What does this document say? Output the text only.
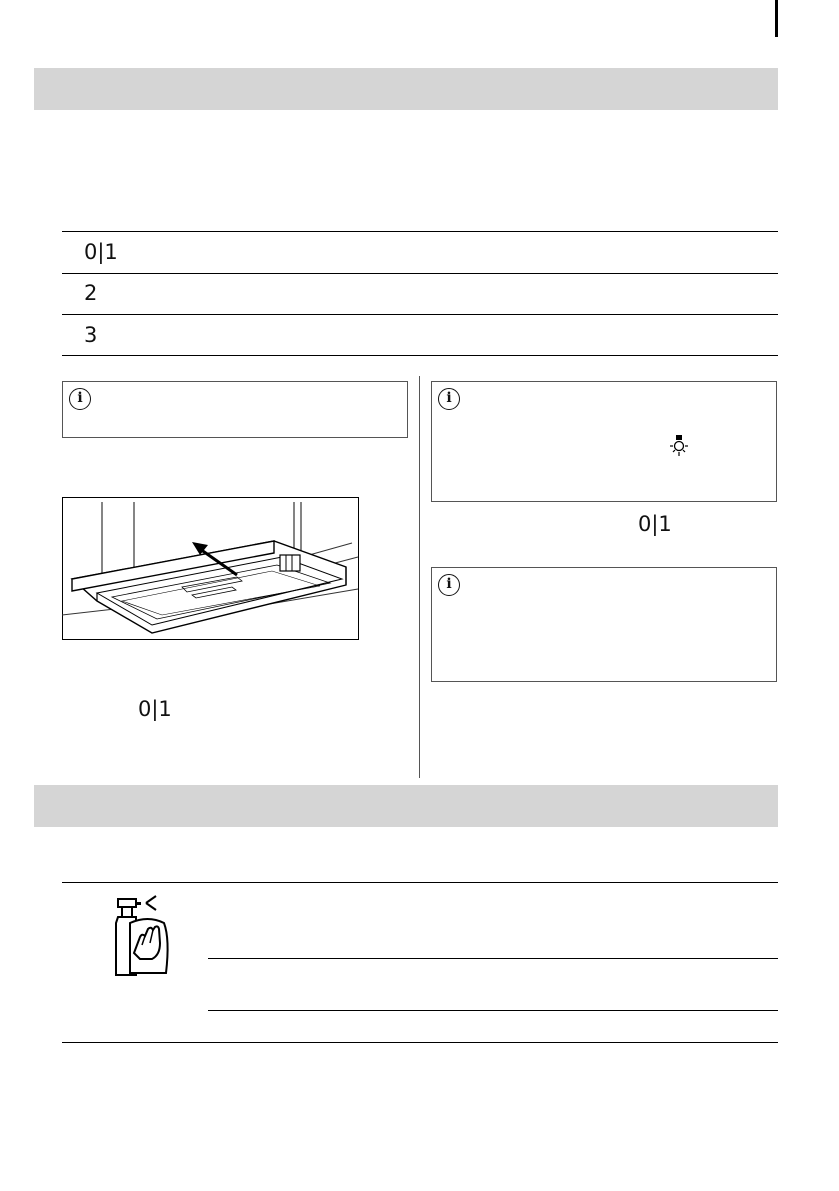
0|1
2
3
i
0|1
i
0|1
i
